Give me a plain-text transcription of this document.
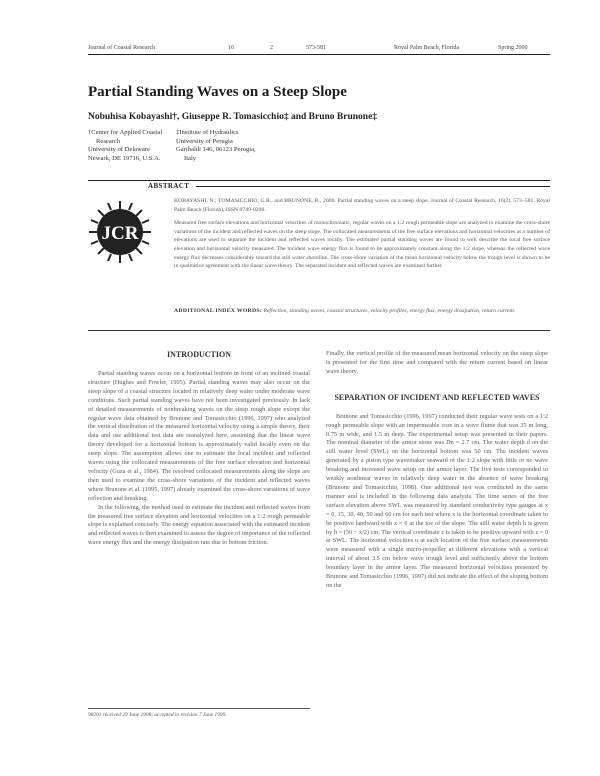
Journal of Coastal Research	16	2	573-581	Royal Palm Beach, Florida	Spring 2000
Partial Standing Waves on a Steep Slope
Nobuhisa Kobayashi†, Giuseppe R. Tomasicchio‡ and Bruno Brunone‡
†Center for Applied Coastal
Research
University of Delaware
Newark, DE 19716, U.S.A.
‡Institute of Hydraulics
University of Perugia
Garibaldi 146, 06123 Perugia,
Italy
ABSTRACT
JCR

KOBAYASHI, N.; TOMASICCHIO, G.R., and BRUNONE, B., 2000. Partial standing waves on a steep slope. Journal of Coastal Research, 16(2), 573–581. Royal Palm Beach (Florida), ISSN 0749-0208.

Measured free surface elevations and horizontal velocities of monochromatic, regular waves on a 1:2 rough permeable slope are analyzed to examine the cross-shore variations of the incident and reflected waves on the steep slope. The collocated measurements of the free surface elevations and horizontal velocities at a number of elevations are used to separate the incident and reflected waves locally. The estimated partial standing waves are found to well describe the local free surface elevation and horizontal velocity measured. The incident wave energy flux is found to be approximately constant along the 1:2 slope, whereas the reflected wave energy flux decreases considerably toward the still water shoreline. The cross-shore variation of the mean horizontal velocity below the trough level is shown to be in qualitative agreement with the linear wave theory. The separated incident and reflected waves are examined further.

ADDITIONAL INDEX WORDS: Reflection, standing waves, coastal structures, velocity profiles, energy flux, energy dissipation, return current.
INTRODUCTION

Partial standing waves occur on a horizontal bottom in front of an inclined coastal structure (Hughes and Fowler, 1995). Partial standing waves may also occur on the steep slope of a coastal structure located in relatively deep water under moderate wave conditions. Such partial standing waves have not been investigated previously. In lack of detailed measurements of nonbreaking waves on the steep rough slope except the regular wave data obtained by Brunone and Tomasicchio (1996, 1997) who analyzed the vertical distribution of the measured horizontal velocity using a simple theory, their data and use additional test data are reanalyzed here, assuming that the linear wave theory developed for a horizontal bottom is approximately valid locally even on the steep slope. The assumption allows one to estimate the local incident and reflected waves using the collocated measurements of the free surface elevation and horizontal velocity (Guza et al., 1984). The resolved collocated measurements along the slope are then used to examine the cross-shore variations of the incident and reflected waves where Brunone et al. (1995, 1997) already examined the cross-shore variations of wave reflection and breaking.

In the following, the method used to estimate the incident and reflected waves from the measured free surface elevation and horizontal velocities on a 1:2 rough permeable slope is explained concisely. The energy equation associated with the estimated incident and reflected waves is then examined to assess the degree of importance of the reflected wave energy flux and the energy dissipation rate due to bottom friction.

Finally, the vertical profile of the measured mean horizontal velocity on the steep slope is presented for the first time and compared with the return current based on linear wave theory.

SEPARATION OF INCIDENT AND REFLECTED WAVES

Brunone and Tomasicchio (1996, 1997) conducted their regular wave tests on a 1:2 rough permeable slope with an impermeable core in a wave flume that was 35 m long, 0.75 m wide, and 1.5 m deep. The experimental setup was presented in their papers. The nominal diameter of the armor stone was Dn = 2.7 cm. The water depth d on the still water level (SWL) on the horizontal bottom was 50 cm. The incident waves generated by a piston type wavemaker seaward of the 1:2 slope with little or no wave breaking and increased wave setup on the armor layer. The five tests corresponded to weakly nonlinear waves in relatively deep water in the absence of wave breaking (Brunone and Tomasicchio, 1998). One additional test was conducted in the same manner and is included in the following data analysis. The time series of the free surface elevation above SWL was measured by standard conductivity type gauges at x = 0, 15, 30, 40, 50 and 60 cm for each test where x is the horizontal coordinate taken to be positive landward with x = 0 at the toe of the slope. The still water depth h is given by h = (50 − x/2) cm. The vertical coordinate z is taken to be positive upward with z = 0 at SWL. The horizontal velocities u at each location of the free surface measurements were measured with a single micro-propeller at different elevations with a vertical interval of about 3.5 cm below wave trough level and sufficiently above the bottom boundary layer in the armor layer. The measured horizontal velocities presented by Brunone and Tomasicchio (1996, 1997) did not indicate the effect of the sloping bottom on the

98201 received 29 June 1998; accepted in revision 7 June 1999.
